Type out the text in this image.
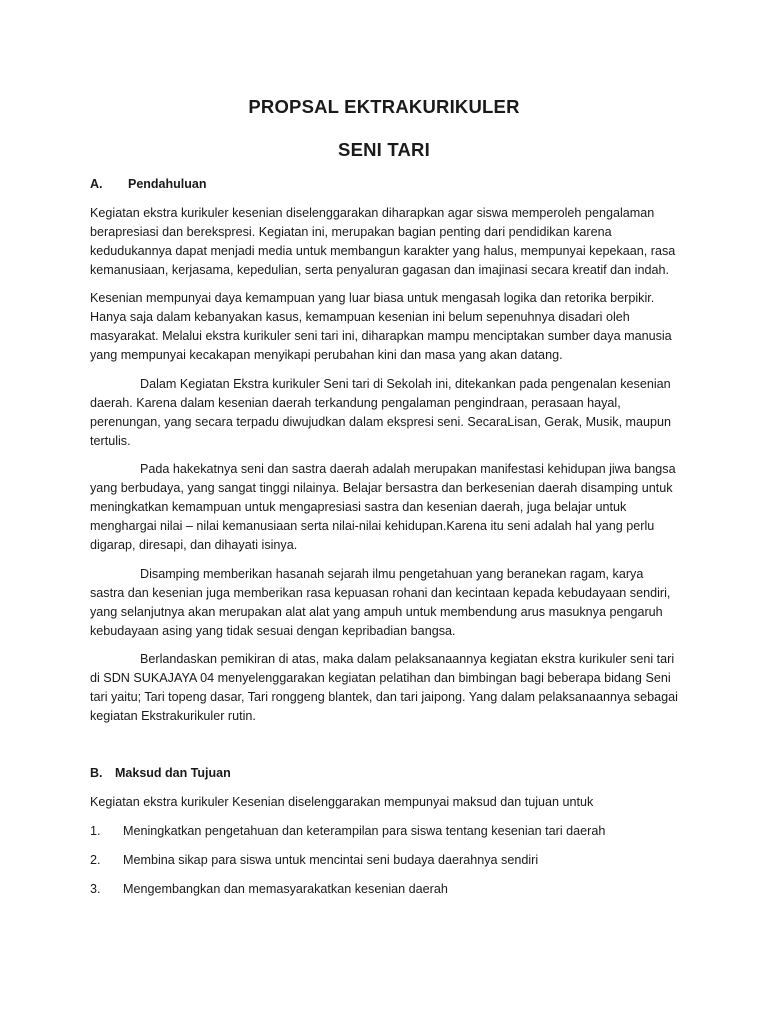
PROPSAL EKTRAKURIKULER
SENI TARI
A. Pendahuluan

Kegiatan ekstra kurikuler kesenian diselenggarakan diharapkan agar siswa memperoleh pengalaman berapresiasi dan berekspresi. Kegiatan ini, merupakan bagian penting dari pendidikan karena kedudukannya dapat menjadi media untuk membangun karakter yang halus, mempunyai kepekaan, rasa kemanusiaan, kerjasama, kepedulian, serta penyaluran gagasan dan imajinasi secara kreatif dan indah.

Kesenian mempunyai daya kemampuan yang luar biasa untuk mengasah logika dan retorika berpikir. Hanya saja dalam kebanyakan kasus, kemampuan kesenian ini belum sepenuhnya disadari oleh masyarakat. Melalui ekstra kurikuler seni tari ini, diharapkan mampu menciptakan sumber daya manusia yang mempunyai kecakapan menyikapi perubahan kini dan masa yang akan datang.

Dalam Kegiatan Ekstra kurikuler Seni tari di Sekolah ini, ditekankan pada pengenalan kesenian daerah. Karena dalam kesenian daerah terkandung pengalaman pengindraan, perasaan hayal, perenungan, yang secara terpadu diwujudkan dalam ekspresi seni. SecaraLisan, Gerak, Musik, maupun tertulis.

Pada hakekatnya seni dan sastra daerah adalah merupakan manifestasi kehidupan jiwa bangsa yang berbudaya, yang sangat tinggi nilainya. Belajar bersastra dan berkesenian daerah disamping untuk meningkatkan kemampuan untuk mengapresiasi sastra dan kesenian daerah, juga belajar untuk menghargai nilai – nilai kemanusiaan serta nilai-nilai kehidupan.Karena itu seni adalah hal yang perlu digarap, diresapi, dan dihayati isinya.

Disamping memberikan hasanah sejarah ilmu pengetahuan yang beranekan ragam, karya sastra dan kesenian juga memberikan rasa kepuasan rohani dan kecintaan kepada kebudayaan sendiri, yang selanjutnya akan merupakan alat alat yang ampuh untuk membendung arus masuknya pengaruh kebudayaan asing yang tidak sesuai dengan kepribadian bangsa.

Berlandaskan pemikiran di atas, maka dalam pelaksanaannya kegiatan ekstra kurikuler seni tari di SDN SUKAJAYA 04 menyelenggarakan kegiatan pelatihan dan bimbingan bagi beberapa bidang Seni tari yaitu; Tari topeng dasar, Tari ronggeng blantek, dan tari jaipong. Yang dalam pelaksanaannya sebagai kegiatan Ekstrakurikuler rutin.

B. Maksud dan Tujuan

Kegiatan ekstra kurikuler Kesenian diselenggarakan mempunyai maksud dan tujuan untuk

1. Meningkatkan pengetahuan dan keterampilan para siswa tentang kesenian tari daerah

2. Membina sikap para siswa untuk mencintai seni budaya daerahnya sendiri

3. Mengembangkan dan memasyarakatkan kesenian daerah
